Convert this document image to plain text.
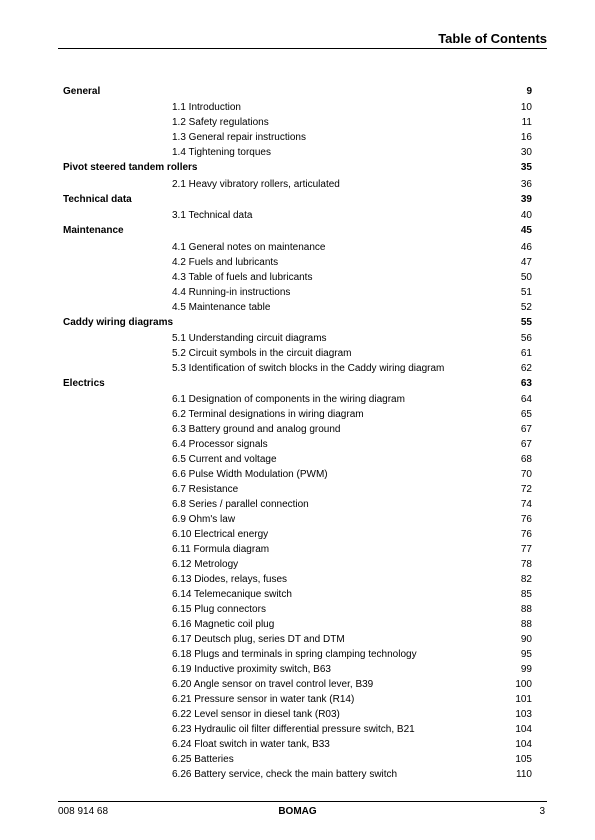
Table of Contents
General	9
1.1 Introduction	10
1.2 Safety regulations	11
1.3 General repair instructions	16
1.4 Tightening torques	30
Pivot steered tandem rollers	35
2.1 Heavy vibratory rollers, articulated	36
Technical data	39
3.1 Technical data	40
Maintenance	45
4.1 General notes on maintenance	46
4.2 Fuels and lubricants	47
4.3 Table of fuels and lubricants	50
4.4 Running-in instructions	51
4.5 Maintenance table	52
Caddy wiring diagrams	55
5.1 Understanding circuit diagrams	56
5.2 Circuit symbols in the circuit diagram	61
5.3 Identification of switch blocks in the Caddy wiring diagram	62
Electrics	63
6.1 Designation of components in the wiring diagram	64
6.2 Terminal designations in wiring diagram	65
6.3 Battery ground and analog ground	67
6.4 Processor signals	67
6.5 Current and voltage	68
6.6 Pulse Width Modulation (PWM)	70
6.7 Resistance	72
6.8 Series / parallel connection	74
6.9 Ohm's law	76
6.10 Electrical energy	76
6.11 Formula diagram	77
6.12 Metrology	78
6.13 Diodes, relays, fuses	82
6.14 Telemecanique switch	85
6.15 Plug connectors	88
6.16 Magnetic coil plug	88
6.17 Deutsch plug, series DT and DTM	90
6.18 Plugs and terminals in spring clamping technology	95
6.19 Inductive proximity switch, B63	99
6.20 Angle sensor on travel control lever, B39	100
6.21 Pressure sensor in water tank (R14)	101
6.22 Level sensor in diesel tank (R03)	103
6.23 Hydraulic oil filter differential pressure switch, B21	104
6.24 Float switch in water tank, B33	104
6.25 Batteries	105
6.26 Battery service, check the main battery switch	110
008 914 68	BOMAG	3
